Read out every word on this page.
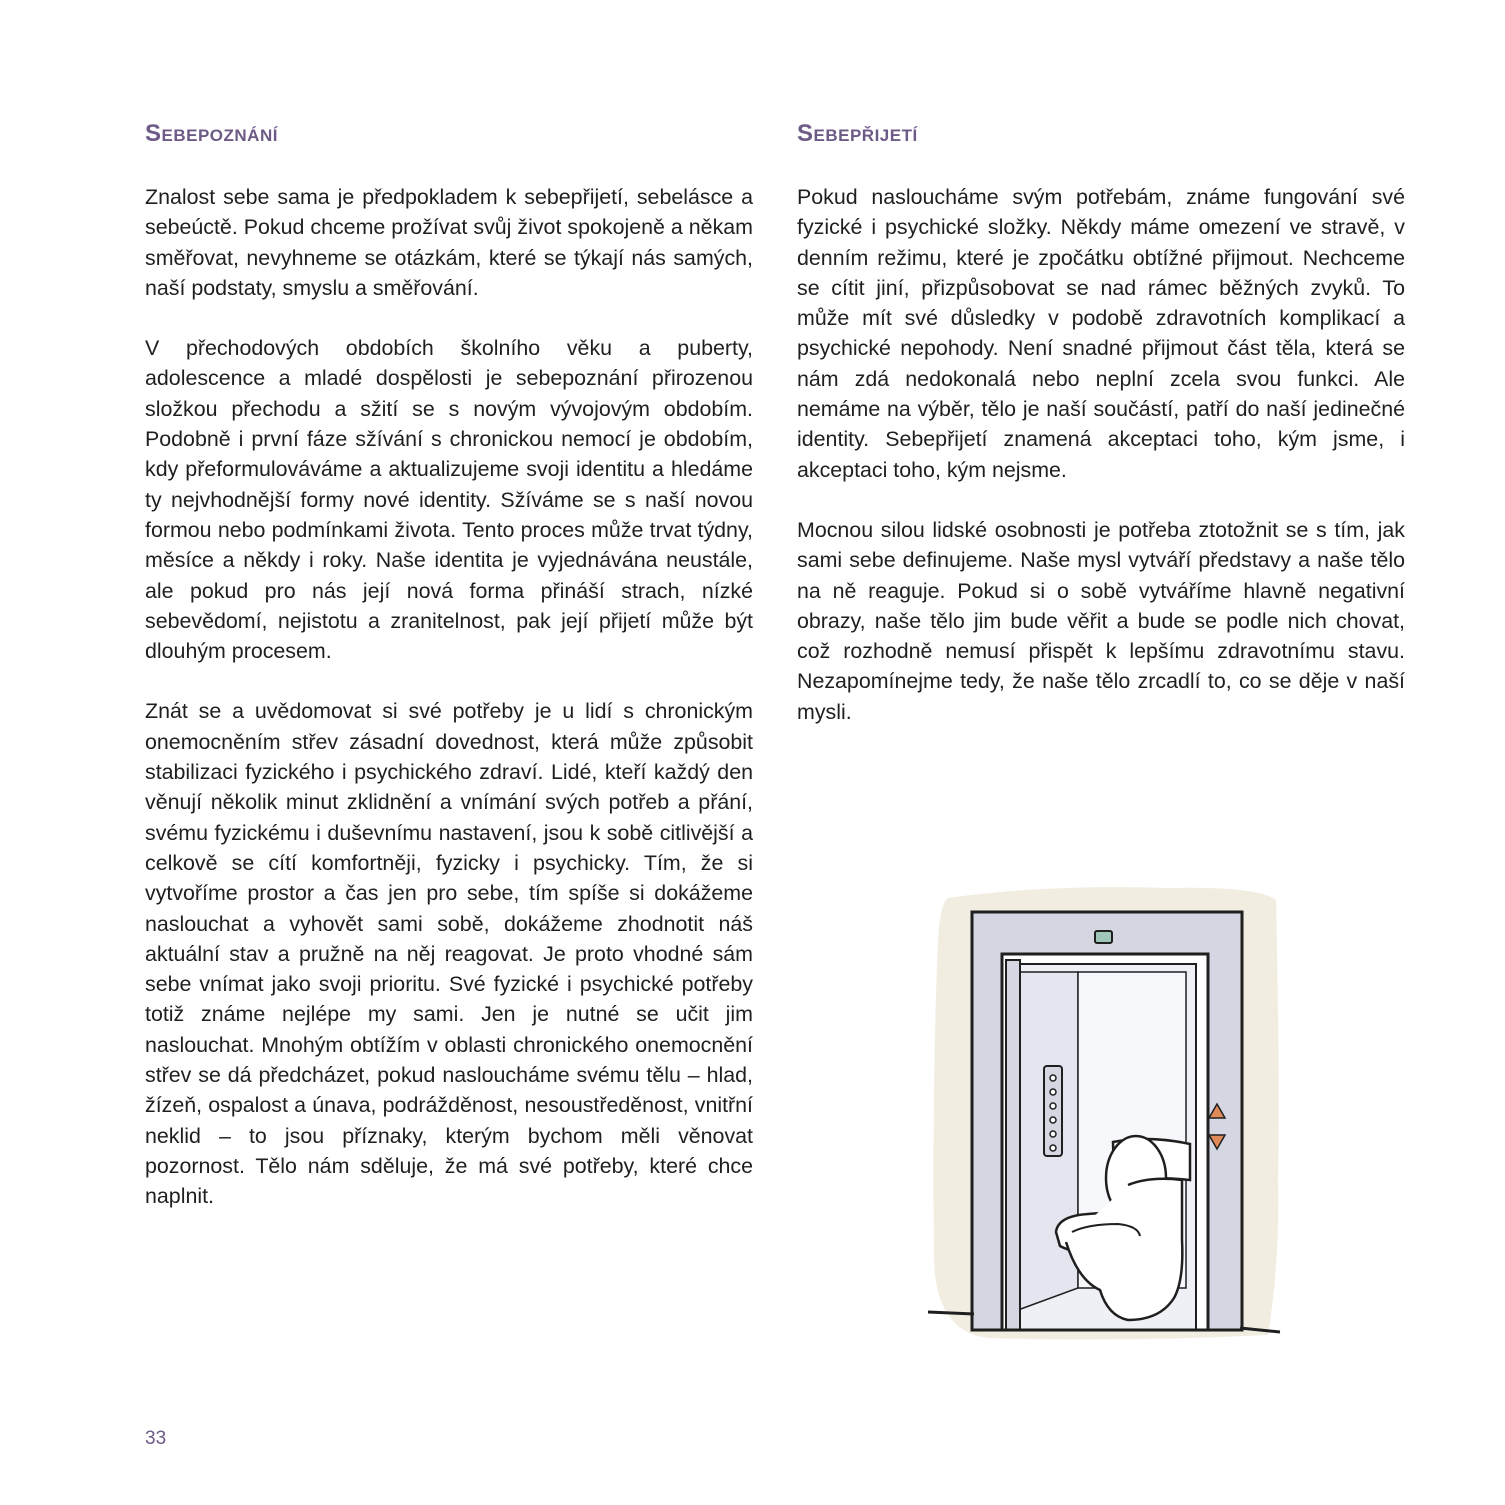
Sebepoznání

Znalost sebe sama je předpokladem k sebepřijetí, sebelásce a sebeúctě. Pokud chceme prožívat svůj život spokojeně a někam směřovat, nevyhneme se otázkám, které se týkají nás samých, naší podstaty, smyslu a směřování.

V přechodových obdobích školního věku a puberty, adolescence a mladé dospělosti je sebepoznání přirozenou složkou přechodu a sžití se s novým vývojovým obdobím. Podobně i první fáze sžívání s chronickou nemocí je obdobím, kdy přeformulováváme a aktualizujeme svoji identitu a hledáme ty nejvhodnější formy nové identity. Sžíváme se s naší novou formou nebo podmínkami života. Tento proces může trvat týdny, měsíce a někdy i roky. Naše identita je vyjednávána neustále, ale pokud pro nás její nová forma přináší strach, nízké sebevědomí, nejistotu a zranitelnost, pak její přijetí může být dlouhým procesem.

Znát se a uvědomovat si své potřeby je u lidí s chronickým onemocněním střev zásadní dovednost, která může způsobit stabilizaci fyzického i psychického zdraví. Lidé, kteří každý den věnují několik minut zklidnění a vnímání svých potřeb a přání, svému fyzickému i duševnímu nastavení, jsou k sobě citlivější a celkově se cítí komfortněji, fyzicky i psychicky. Tím, že si vytvoříme prostor a čas jen pro sebe, tím spíše si dokážeme naslouchat a vyhovět sami sobě, dokážeme zhodnotit náš aktuální stav a pružně na něj reagovat. Je proto vhodné sám sebe vnímat jako svoji prioritu. Své fyzické i psychické potřeby totiž známe nejlépe my sami. Jen je nutné se učit jim naslouchat. Mnohým obtížím v oblasti chronického onemocnění střev se dá předcházet, pokud nasloucháme svému tělu – hlad, žízeň, ospalost a únava, podrážděnost, nesoustředěnost, vnitřní neklid – to jsou příznaky, kterým bychom měli věnovat pozornost. Tělo nám sděluje, že má své potřeby, které chce naplnit.

Sebepřijetí

Pokud nasloucháme svým potřebám, známe fungování své fyzické i psychické složky. Někdy máme omezení ve stravě, v denním režimu, které je zpočátku obtížné přijmout. Nechceme se cítit jiní, přizpůsobovat se nad rámec běžných zvyků. To může mít své důsledky v podobě zdravotních komplikací a psychické nepohody. Není snadné přijmout část těla, která se nám zdá nedokonalá nebo neplní zcela svou funkci. Ale nemáme na výběr, tělo je naší součástí, patří do naší jedinečné identity. Sebepřijetí znamená akceptaci toho, kým jsme, i akceptaci toho, kým nejsme.

Mocnou silou lidské osobnosti je potřeba ztotožnit se s tím, jak sami sebe definujeme. Naše mysl vytváří představy a naše tělo na ně reaguje. Pokud si o sobě vytváříme hlavně negativní obrazy, naše tělo jim bude věřit a bude se podle nich chovat, což rozhodně nemusí přispět k lepšímu zdravotnímu stavu. Nezapomínejme tedy, že naše tělo zrcadlí to, co se děje v naší mysli.

33
